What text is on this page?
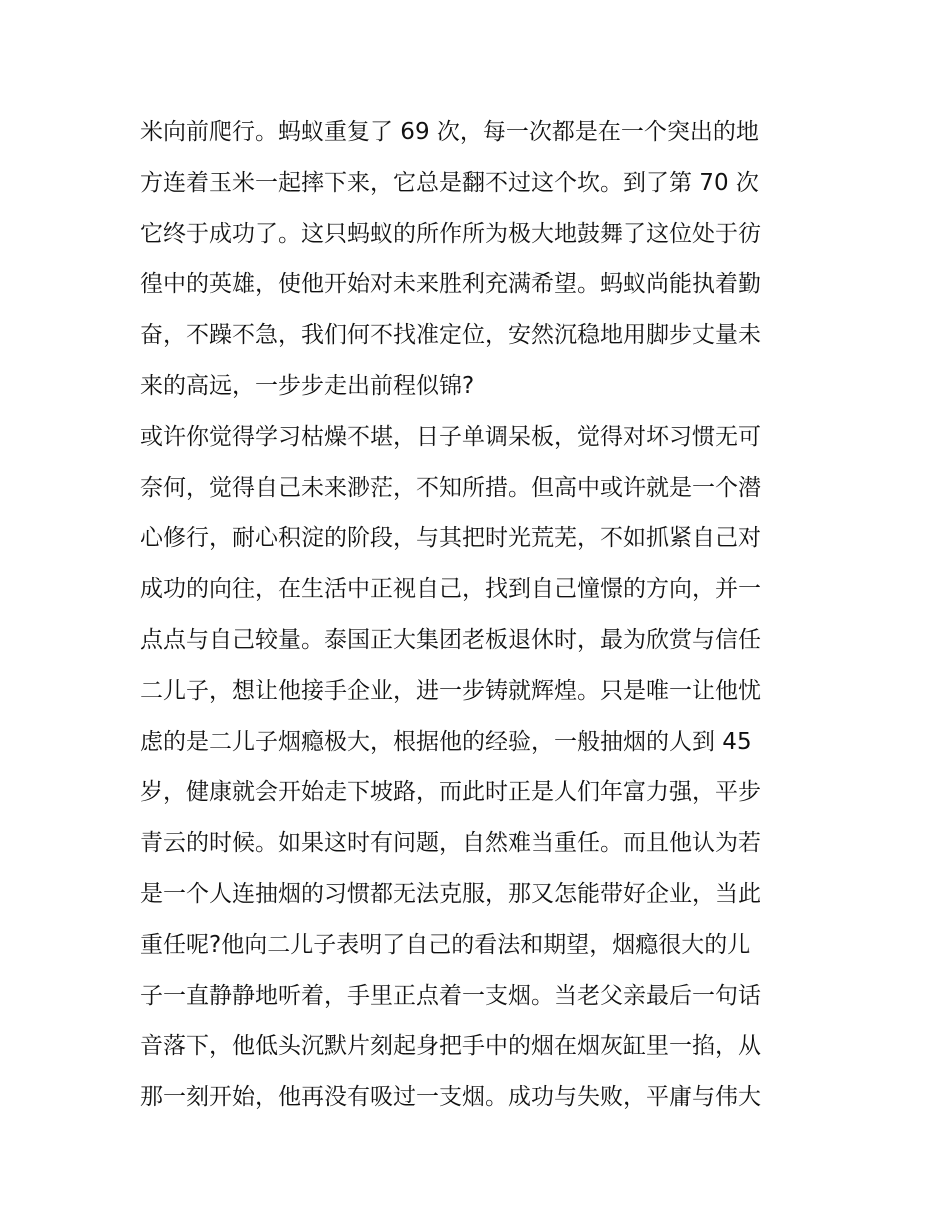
米向前爬行。蚂蚁重复了 69 次，每一次都是在一个突出的地
方连着玉米一起摔下来，它总是翻不过这个坎。到了第 70 次
它终于成功了。这只蚂蚁的所作所为极大地鼓舞了这位处于彷
徨中的英雄，使他开始对未来胜利充满希望。蚂蚁尚能执着勤
奋，不躁不急，我们何不找准定位，安然沉稳地用脚步丈量未
来的高远，一步步走出前程似锦?
或许你觉得学习枯燥不堪，日子单调呆板，觉得对坏习惯无可
奈何，觉得自己未来渺茫，不知所措。但高中或许就是一个潜
心修行，耐心积淀的阶段，与其把时光荒芜，不如抓紧自己对
成功的向往，在生活中正视自己，找到自己憧憬的方向，并一
点点与自己较量。泰国正大集团老板退休时，最为欣赏与信任
二儿子，想让他接手企业，进一步铸就辉煌。只是唯一让他忧
虑的是二儿子烟瘾极大，根据他的经验，一般抽烟的人到 45
岁，健康就会开始走下坡路，而此时正是人们年富力强，平步
青云的时候。如果这时有问题，自然难当重任。而且他认为若
是一个人连抽烟的习惯都无法克服，那又怎能带好企业，当此
重任呢?他向二儿子表明了自己的看法和期望，烟瘾很大的儿
子一直静静地听着，手里正点着一支烟。当老父亲最后一句话
音落下，他低头沉默片刻起身把手中的烟在烟灰缸里一掐，从
那一刻开始，他再没有吸过一支烟。成功与失败，平庸与伟大
